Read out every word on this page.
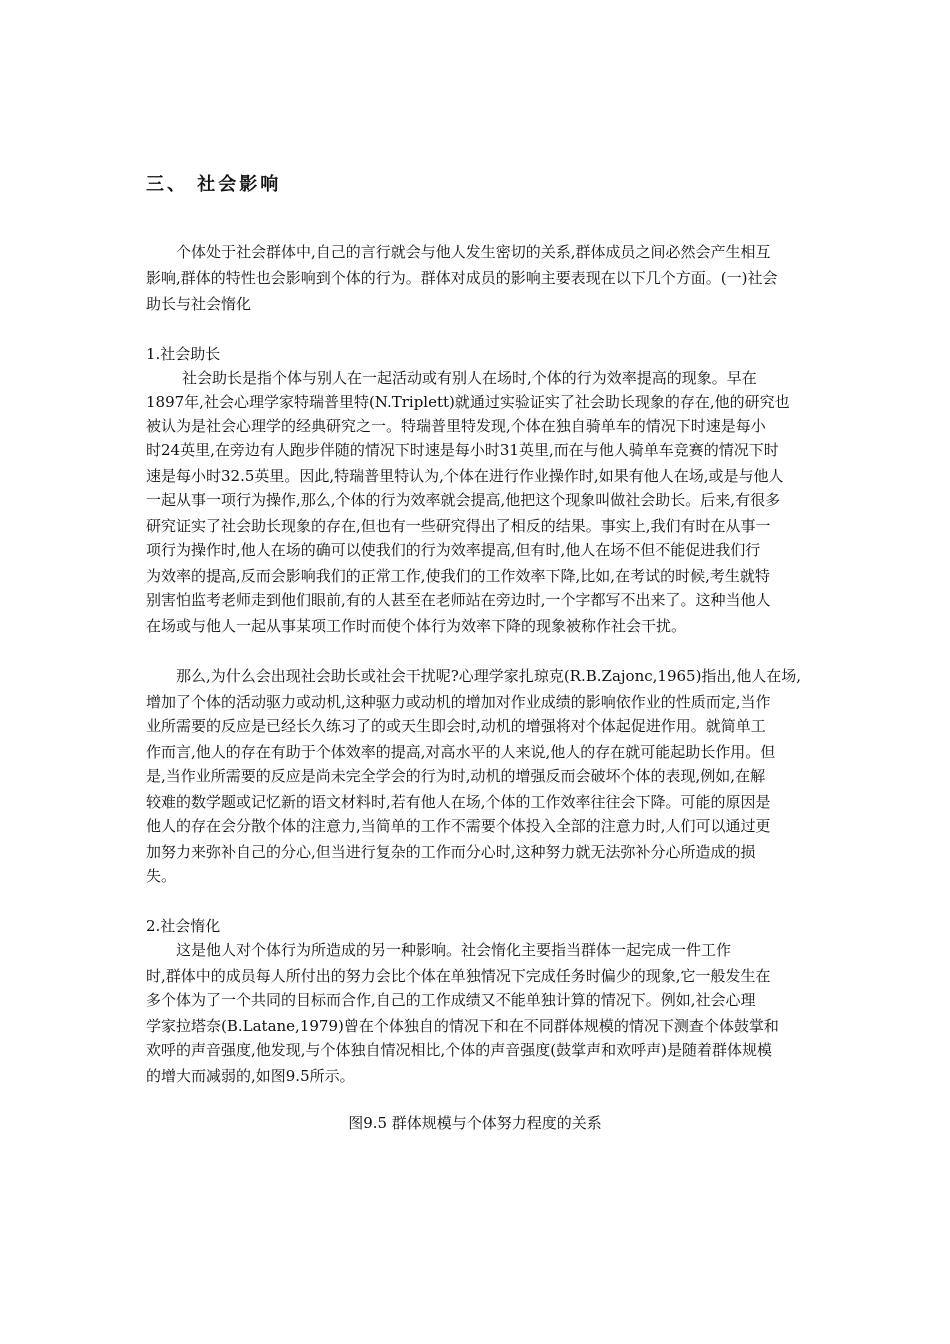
三、 社会影响
个体处于社会群体中,自己的言行就会与他人发生密切的关系,群体成员之间必然会产生相互
影响,群体的特性也会影响到个体的行为。群体对成员的影响主要表现在以下几个方面。(一)社会
助长与社会惰化
1.社会助长
社会助长是指个体与别人在一起活动或有别人在场时,个体的行为效率提高的现象。早在
1897年,社会心理学家特瑞普里特(N.Triplett)就通过实验证实了社会助长现象的存在,他的研究也
被认为是社会心理学的经典研究之一。特瑞普里特发现,个体在独自骑单车的情况下时速是每小
时24英里,在旁边有人跑步伴随的情况下时速是每小时31英里,而在与他人骑单车竞赛的情况下时
速是每小时32.5英里。因此,特瑞普里特认为,个体在进行作业操作时,如果有他人在场,或是与他人
一起从事一项行为操作,那么,个体的行为效率就会提高,他把这个现象叫做社会助长。后来,有很多
研究证实了社会助长现象的存在,但也有一些研究得出了相反的结果。事实上,我们有时在从事一
项行为操作时,他人在场的确可以使我们的行为效率提高,但有时,他人在场不但不能促进我们行
为效率的提高,反而会影响我们的正常工作,使我们的工作效率下降,比如,在考试的时候,考生就特
别害怕监考老师走到他们眼前,有的人甚至在老师站在旁边时,一个字都写不出来了。这种当他人
在场或与他人一起从事某项工作时而使个体行为效率下降的现象被称作社会干扰。
那么,为什么会出现社会助长或社会干扰呢?心理学家扎琼克(R.B.Zajonc,1965)指出,他人在场,
增加了个体的活动驱力或动机,这种驱力或动机的增加对作业成绩的影响依作业的性质而定,当作
业所需要的反应是已经长久练习了的或天生即会时,动机的增强将对个体起促进作用。就简单工
作而言,他人的存在有助于个体效率的提高,对高水平的人来说,他人的存在就可能起助长作用。但
是,当作业所需要的反应是尚未完全学会的行为时,动机的增强反而会破坏个体的表现,例如,在解
较难的数学题或记忆新的语文材料时,若有他人在场,个体的工作效率往往会下降。可能的原因是
他人的存在会分散个体的注意力,当简单的工作不需要个体投入全部的注意力时,人们可以通过更
加努力来弥补自己的分心,但当进行复杂的工作而分心时,这种努力就无法弥补分心所造成的损
失。
2.社会惰化
这是他人对个体行为所造成的另一种影响。社会惰化主要指当群体一起完成一件工作
时,群体中的成员每人所付出的努力会比个体在单独情况下完成任务时偏少的现象,它一般发生在
多个体为了一个共同的目标而合作,自己的工作成绩又不能单独计算的情况下。例如,社会心理
学家拉塔奈(B.Latane,1979)曾在个体独自的情况下和在不同群体规模的情况下测查个体鼓掌和
欢呼的声音强度,他发现,与个体独自情况相比,个体的声音强度(鼓掌声和欢呼声)是随着群体规模
的增大而减弱的,如图9.5所示。
图9.5 群体规模与个体努力程度的关系
